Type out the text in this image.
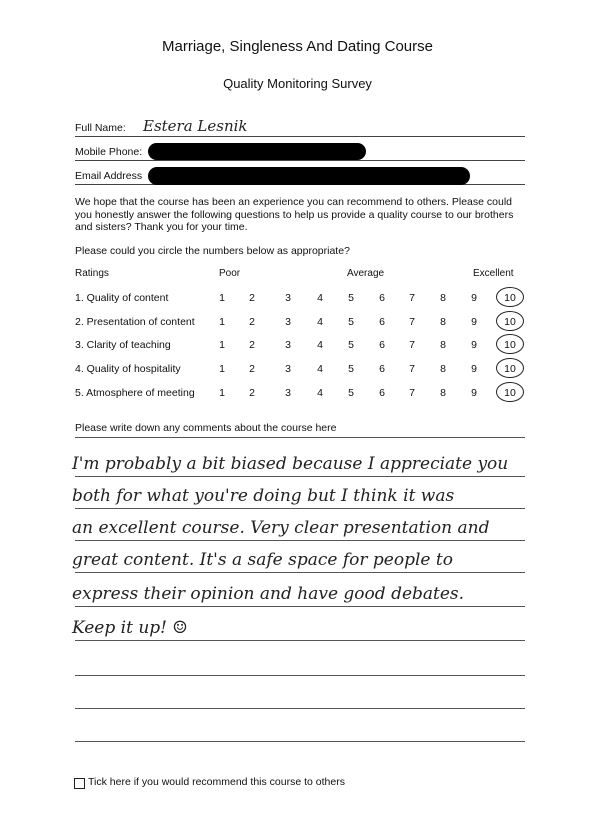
Marriage, Singleness And Dating Course
Quality Monitoring Survey
Full Name: Estera Lesnik
Mobile Phone:
Email Address
We hope that the course has been an experience you can recommend to others. Please could you honestly answer the following questions to help us provide a quality course to our brothers and sisters? Thank you for your time.
Please could you circle the numbers below as appropriate?
Ratings	Poor	Average	Excellent
1. Quality of content	1	2	3	4	5	6	7	8	9	10
2. Presentation of content	1	2	3	4	5	6	7	8	9	10
3. Clarity of teaching	1	2	3	4	5	6	7	8	9	10
4. Quality of hospitality	1	2	3	4	5	6	7	8	9	10
5. Atmosphere of meeting	1	2	3	4	5	6	7	8	9	10
Please write down any comments about the course here
I'm probably a bit biased because I appreciate you
both for what you're doing but I think it was
an excellent course. Very clear presentation and
great content. It's a safe space for people to
express their opinion and have good debates.
Keep it up! ☺
Tick here if you would recommend this course to others
